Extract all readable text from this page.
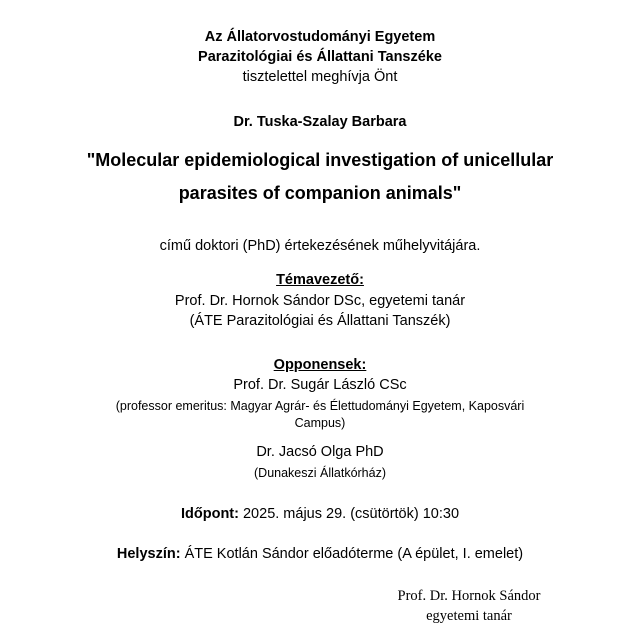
Az Állatorvostudományi Egyetem
Parazitológiai és Állattani Tanszéke
tisztelettel meghívja Önt
Dr. Tuska-Szalay Barbara
"Molecular epidemiological investigation of unicellular
parasites of companion animals"
című doktori (PhD) értekezésének műhelyvitájára.
Témavezető:
Prof. Dr. Hornok Sándor DSc, egyetemi tanár
(ÁTE Parazitológiai és Állattani Tanszék)
Opponensek:
Prof. Dr. Sugár László CSc
(professor emeritus: Magyar Agrár- és Élettudományi Egyetem, Kaposvári
Campus)
Dr. Jacsó Olga PhD
(Dunakeszi Állatkórház)
Időpont: 2025. május 29. (csütörtök) 10:30
Helyszín: ÁTE Kotlán Sándor előadóterme (A épület, I. emelet)
Prof. Dr. Hornok Sándor
egyetemi tanár
